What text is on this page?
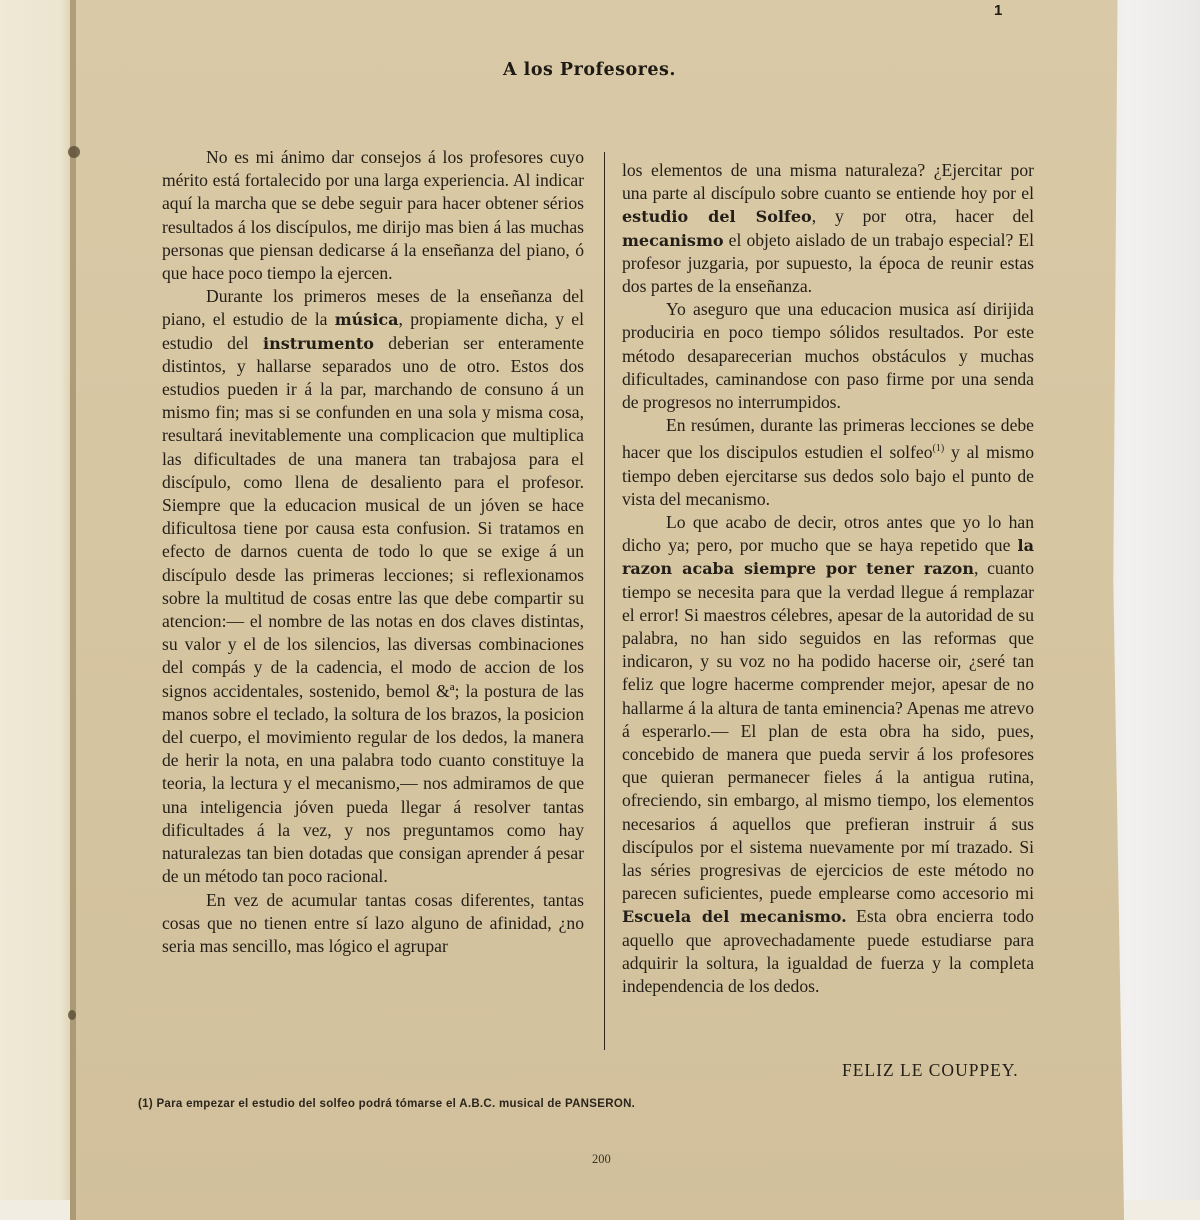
1
A los Profesores.

No es mi ánimo dar consejos á los profesores cuyo mérito está fortalecido por una larga experiencia. Al indicar aquí la marcha que se debe seguir para hacer obtener sérios resultados á los discípulos, me dirijo mas bien á las muchas personas que piensan dedicarse á la enseñanza del piano, ó que hace poco tiempo la ejercen.

Durante los primeros meses de la enseñanza del piano, el estudio de la música, propiamente dicha, y el estudio del instrumento deberian ser enteramente distintos, y hallarse separados uno de otro. Estos dos estudios pueden ir á la par, marchando de consuno á un mismo fin; mas si se confunden en una sola y misma cosa, resultará inevitablemente una complicacion que multiplica las dificultades de una manera tan trabajosa para el discípulo, como llena de desaliento para el profesor. Siempre que la educacion musical de un jóven se hace dificultosa tiene por causa esta confusion. Si tratamos en efecto de darnos cuenta de todo lo que se exige á un discípulo desde las primeras lecciones; si reflexionamos sobre la multitud de cosas entre las que debe compartir su atencion:— el nombre de las notas en dos claves distintas, su valor y el de los silencios, las diversas combinaciones del compás y de la cadencia, el modo de accion de los signos accidentales, sostenido, bemol &ª; la postura de las manos sobre el teclado, la soltura de los brazos, la posicion del cuerpo, el movimiento regular de los dedos, la manera de herir la nota, en una palabra todo cuanto constituye la teoria, la lectura y el mecanismo,— nos admiramos de que una inteligencia jóven pueda llegar á resolver tantas dificultades á la vez, y nos preguntamos como hay naturalezas tan bien dotadas que consigan aprender á pesar de un método tan poco racional.

En vez de acumular tantas cosas diferentes, tantas cosas que no tienen entre sí lazo alguno de afinidad, ¿no seria mas sencillo, mas lógico el agrupar

los elementos de una misma naturaleza? ¿Ejercitar por una parte al discípulo sobre cuanto se entiende hoy por el estudio del Solfeo, y por otra, hacer del mecanismo el objeto aislado de un trabajo especial? El profesor juzgaria, por supuesto, la época de reunir estas dos partes de la enseñanza.

Yo aseguro que una educacion musica así dirijida produciria en poco tiempo sólidos resultados. Por este método desaparecerian muchos obstáculos y muchas dificultades, caminandose con paso firme por una senda de progresos no interrumpidos.

En resúmen, durante las primeras lecciones se debe hacer que los discipulos estudien el solfeo$^{(1)}$ y al mismo tiempo deben ejercitarse sus dedos solo bajo el punto de vista del mecanismo.

Lo que acabo de decir, otros antes que yo lo han dicho ya; pero, por mucho que se haya repetido que la razon acaba siempre por tener razon, cuanto tiempo se necesita para que la verdad llegue á remplazar el error! Si maestros célebres, apesar de la autoridad de su palabra, no han sido seguidos en las reformas que indicaron, y su voz no ha podido hacerse oir, ¿seré tan feliz que logre hacerme comprender mejor, apesar de no hallarme á la altura de tanta eminencia? Apenas me atrevo á esperarlo.— El plan de esta obra ha sido, pues, concebido de manera que pueda servir á los profesores que quieran permanecer fieles á la antigua rutina, ofreciendo, sin embargo, al mismo tiempo, los elementos necesarios á aquellos que prefieran instruir á sus discípulos por el sistema nuevamente por mí trazado. Si las séries progresivas de ejercicios de este método no parecen suficientes, puede emplearse como accesorio mi Escuela del mecanismo. Esta obra encierra todo aquello que aprovechadamente puede estudiarse para adquirir la soltura, la igualdad de fuerza y la completa independencia de los dedos.

FELIZ LE COUPPEY.
(1) Para empezar el estudio del solfeo podrá tómarse el A.B.C. musical de PANSERON.
200
